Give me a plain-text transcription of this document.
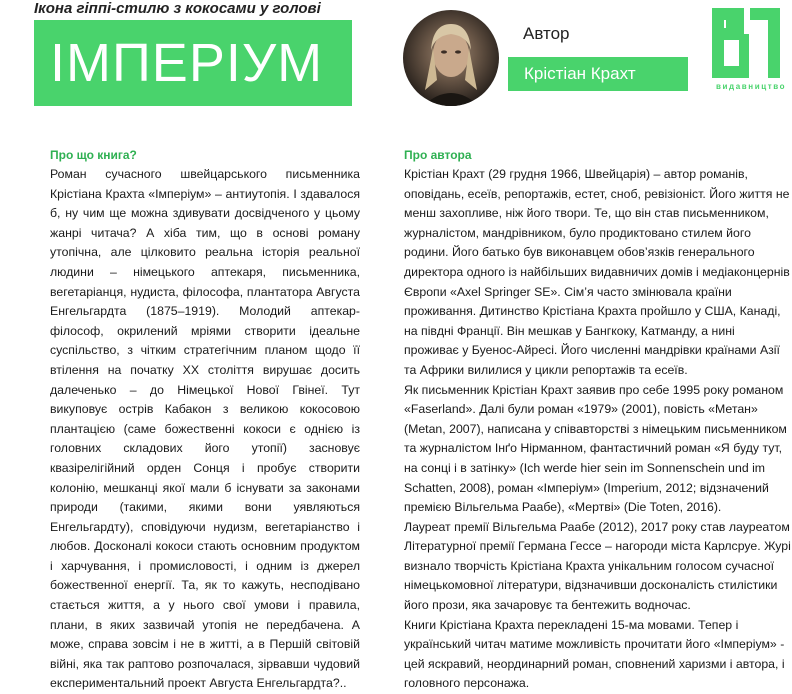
Ікона гіппі-стилю з кокосами у голові
ІМПЕРІУМ	Автор
Крістіан Крахт
видавництво
Про що книга?

Роман сучасного швейцарського письменника Крістіана Крахта «Імперіум» – антиутопія. І здавалося б, ну чим ще можна здивувати досвідченого у цьому жанрі читача? А хіба тим, що в основі роману утопічна, але цілковито реальна історія реальної людини – німецького аптекаря, письменника, вегетаріанця, нудиста, філософа, плантатора Августа Енгельгардта (1875–1919). Молодий аптекар-філософ, окрилений мріями створити ідеальне суспільство, з чітким стратегічним планом щодо її втілення на початку ХХ століття вирушає досить далеченько – до Німецької Нової Гвінеї. Тут викуповує острів Кабакон з великою кокосовою плантацією (саме божественні кокоси є однією із головних складових його утопії) засновує квазірелігійний орден Сонця і пробує створити колонію, мешканці якої мали б існувати за законами природи (такими, якими вони уявляються Енгельгардту), сповідуючи нудизм, вегетаріанство і любов. Досконалі кокоси стають основним продуктом і харчування, і промисловості, і одним із джерел божественної енергії. Та, як то кажуть, несподівано стається життя, а у нього свої умови і правила, плани, в яких зазвичай утопія не передбачена. А може, справа зовсім і не в житті, а в Першій світовій війні, яка так раптово розпочалася, зірвавши чудовий експериментальний проект Августа Енгельгардта?..

Про автора

Крістіан Крахт (29 грудня 1966, Швейцарія) – автор романів, оповідань, есеїв, репортажів, естет, сноб, ревізіоніст. Його життя не менш захопливе, ніж його твори. Те, що він став письменником, журналістом, мандрівником, було продиктовано стилем його родини. Його батько був виконавцем обов’язків генерального директора одного із найбільших видавничих домів і медіаконцернів Європи «Axel Springer SE». Сім’я часто змінювала країни проживання. Дитинство Крістіана Крахта пройшло у США, Канаді, на півдні Франції. Він мешкав у Бангкоку, Катманду, а нині проживає у Буенос-Айресі. Його численні мандрівки країнами Азії та Африки вилилися у цикли репортажів та есеїв.

Як письменник Крістіан Крахт заявив про себе 1995 року романом «Faserland». Далі були роман «1979» (2001), повість «Метан» (Metan, 2007), написана у співавторстві з німецьким письменником та журналістом Інґо Нірманном, фантастичний роман «Я буду тут, на сонці і в затінку» (Ich werde hier sein im Sonnenschein und im Schatten, 2008), роман «Імперіум» (Imperium, 2012; відзначений премією Вільгельма Раабе), «Мертві» (Die Toten, 2016).

Лауреат премії Вільгельма Раабе (2012), 2017 року став лауреатом Літературної премії Германа Гессе – нагороди міста Карлсруе. Журі визнало творчість Крістіана Крахта унікальним голосом сучасної німецькомовної літератури, відзначивши досконалість стилістики його прози, яка зачаровує та бентежить водночас.

Книги Крістіана Крахта перекладені 15-ма мовами. Тепер і український читач матиме можливість прочитати його «Імперіум» - цей яскравий, неординарний роман, сповнений харизми і автора, і головного персонажа.
